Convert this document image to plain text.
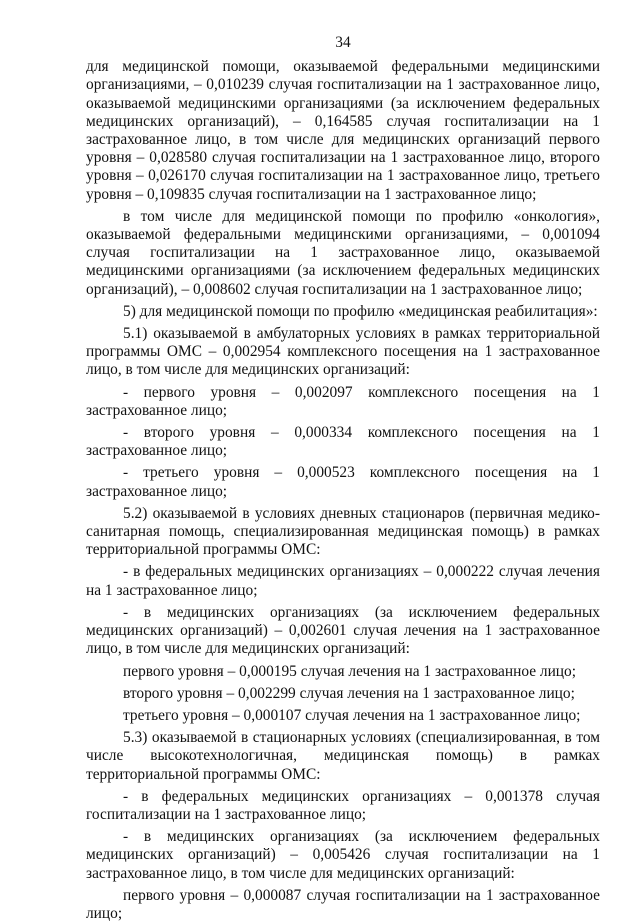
34

для медицинской помощи, оказываемой федеральными медицинскими организациями, – 0,010239 случая госпитализации на 1 застрахованное лицо, оказываемой медицинскими организациями (за исключением федеральных медицинских организаций), – 0,164585 случая госпитализации на 1 застрахованное лицо, в том числе для медицинских организаций первого уровня – 0,028580 случая госпитализации на 1 застрахованное лицо, второго уровня – 0,026170 случая госпитализации на 1 застрахованное лицо, третьего уровня – 0,109835 случая госпитализации на 1 застрахованное лицо;

в том числе для медицинской помощи по профилю «онкология», оказываемой федеральными медицинскими организациями, – 0,001094 случая госпитализации на 1 застрахованное лицо, оказываемой медицинскими организациями (за исключением федеральных медицинских организаций), – 0,008602 случая госпитализации на 1 застрахованное лицо;

5) для медицинской помощи по профилю «медицинская реабилитация»:

5.1) оказываемой в амбулаторных условиях в рамках территориальной программы ОМС – 0,002954 комплексного посещения на 1 застрахованное лицо, в том числе для медицинских организаций:

- первого уровня – 0,002097 комплексного посещения на 1 застрахованное лицо;

- второго уровня – 0,000334 комплексного посещения на 1 застрахованное лицо;

- третьего уровня – 0,000523 комплексного посещения на 1 застрахованное лицо;

5.2) оказываемой в условиях дневных стационаров (первичная медико-санитарная помощь, специализированная медицинская помощь) в рамках территориальной программы ОМС:

- в федеральных медицинских организациях – 0,000222 случая лечения на 1 застрахованное лицо;

- в медицинских организациях (за исключением федеральных медицинских организаций) – 0,002601 случая лечения на 1 застрахованное лицо, в том числе для медицинских организаций:

первого уровня – 0,000195 случая лечения на 1 застрахованное лицо;

второго уровня – 0,002299 случая лечения на 1 застрахованное лицо;

третьего уровня – 0,000107 случая лечения на 1 застрахованное лицо;

5.3) оказываемой в стационарных условиях (специализированная, в том числе высокотехнологичная, медицинская помощь) в рамках территориальной программы ОМС:

- в федеральных медицинских организациях – 0,001378 случая госпитализации на 1 застрахованное лицо;

- в медицинских организациях (за исключением федеральных медицинских организаций) – 0,005426 случая госпитализации на 1 застрахованное лицо, в том числе для медицинских организаций:

первого уровня – 0,000087 случая госпитализации на 1 застрахованное лицо;
